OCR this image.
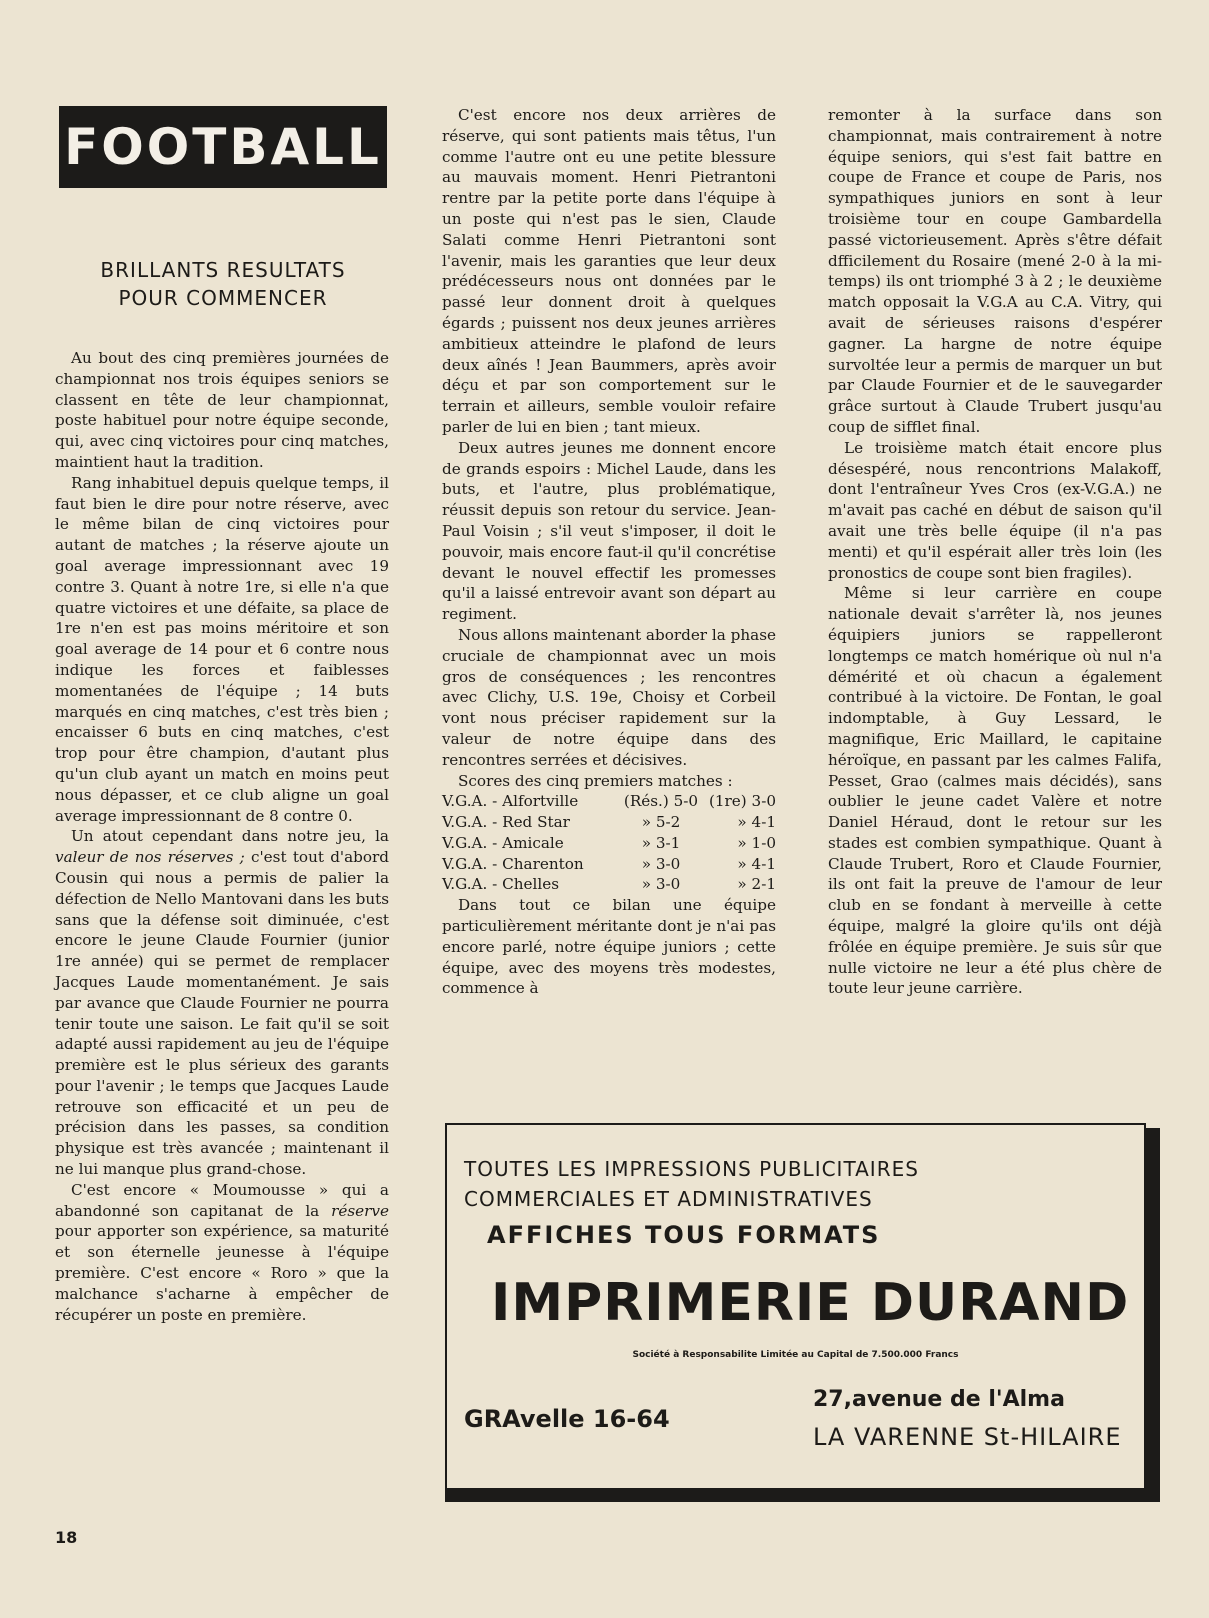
FOOTBALL
BRILLANTS RESULTATS
POUR COMMENCER

Au bout des cinq premières journées de championnat nos trois équipes seniors se classent en tête de leur championnat, poste habituel pour notre équipe seconde, qui, avec cinq victoires pour cinq matches, maintient haut la tradition.

Rang inhabituel depuis quelque temps, il faut bien le dire pour notre réserve, avec le même bilan de cinq victoires pour autant de matches ; la réserve ajoute un goal average impressionnant avec 19 contre 3. Quant à notre 1re, si elle n'a que quatre victoires et une défaite, sa place de 1re n'en est pas moins méritoire et son goal average de 14 pour et 6 contre nous indique les forces et faiblesses momentanées de l'équipe ; 14 buts marqués en cinq matches, c'est très bien ; encaisser 6 buts en cinq matches, c'est trop pour être champion, d'autant plus qu'un club ayant un match en moins peut nous dépasser, et ce club aligne un goal average impressionnant de 8 contre 0.

Un atout cependant dans notre jeu, la valeur de nos réserves ; c'est tout d'abord Cousin qui nous a permis de palier la défection de Nello Mantovani dans les buts sans que la défense soit diminuée, c'est encore le jeune Claude Fournier (junior 1re année) qui se permet de remplacer Jacques Laude momentanément. Je sais par avance que Claude Fournier ne pourra tenir toute une saison. Le fait qu'il se soit adapté aussi rapidement au jeu de l'équipe première est le plus sérieux des garants pour l'avenir ; le temps que Jacques Laude retrouve son efficacité et un peu de précision dans les passes, sa condition physique est très avancée ; maintenant il ne lui manque plus grand-chose.

C'est encore « Moumousse » qui a abandonné son capitanat de la réserve pour apporter son expérience, sa maturité et son éternelle jeunesse à l'équipe première. C'est encore « Roro » que la malchance s'acharne à empêcher de récupérer un poste en première.

C'est encore nos deux arrières de réserve, qui sont patients mais têtus, l'un comme l'autre ont eu une petite blessure au mauvais moment. Henri Pietrantoni rentre par la petite porte dans l'équipe à un poste qui n'est pas le sien, Claude Salati comme Henri Pietrantoni sont l'avenir, mais les garanties que leur deux prédécesseurs nous ont données par le passé leur donnent droit à quelques égards ; puissent nos deux jeunes arrières ambitieux atteindre le plafond de leurs deux aînés ! Jean Baummers, après avoir déçu et par son comportement sur le terrain et ailleurs, semble vouloir refaire parler de lui en bien ; tant mieux.

Deux autres jeunes me donnent encore de grands espoirs : Michel Laude, dans les buts, et l'autre, plus problématique, réussit depuis son retour du service. Jean-Paul Voisin ; s'il veut s'imposer, il doit le pouvoir, mais encore faut-il qu'il concrétise devant le nouvel effectif les promesses qu'il a laissé entrevoir avant son départ au regiment.

Nous allons maintenant aborder la phase cruciale de championnat avec un mois gros de conséquences ; les rencontres avec Clichy, U.S. 19e, Choisy et Corbeil vont nous préciser rapidement sur la valeur de notre équipe dans des rencontres serrées et décisives.

Scores des cinq premiers matches :

V.G.A. - Alfortville	(Rés.) 5-0 (1re) 3-0
V.G.A. - Red Star	» 5-2	» 4-1
V.G.A. - Amicale	» 3-1	» 1-0
V.G.A. - Charenton	» 3-0	» 4-1
V.G.A. - Chelles	» 3-0	» 2-1

Dans tout ce bilan une équipe particulièrement méritante dont je n'ai pas encore parlé, notre équipe juniors ; cette équipe, avec des moyens très modestes, commence à

remonter à la surface dans son championnat, mais contrairement à notre équipe seniors, qui s'est fait battre en coupe de France et coupe de Paris, nos sympathiques juniors en sont à leur troisième tour en coupe Gambardella passé victorieusement. Après s'être défait dfficilement du Rosaire (mené 2-0 à la mi-temps) ils ont triomphé 3 à 2 ; le deuxième match opposait la V.G.A au C.A. Vitry, qui avait de sérieuses raisons d'espérer gagner. La hargne de notre équipe survoltée leur a permis de marquer un but par Claude Fournier et de le sauvegarder grâce surtout à Claude Trubert jusqu'au coup de sifflet final.

Le troisième match était encore plus désespéré, nous rencontrions Malakoff, dont l'entraîneur Yves Cros (ex-V.G.A.) ne m'avait pas caché en début de saison qu'il avait une très belle équipe (il n'a pas menti) et qu'il espérait aller très loin (les pronostics de coupe sont bien fragiles).

Même si leur carrière en coupe nationale devait s'arrêter là, nos jeunes équipiers juniors se rappelleront longtemps ce match homérique où nul n'a démérité et où chacun a également contribué à la victoire. De Fontan, le goal indomptable, à Guy Lessard, le magnifique, Eric Maillard, le capitaine héroïque, en passant par les calmes Falifa, Pesset, Grao (calmes mais décidés), sans oublier le jeune cadet Valère et notre Daniel Héraud, dont le retour sur les stades est combien sympathique. Quant à Claude Trubert, Roro et Claude Fournier, ils ont fait la preuve de l'amour de leur club en se fondant à merveille à cette équipe, malgré la gloire qu'ils ont déjà frôlée en équipe première. Je suis sûr que nulle victoire ne leur a été plus chère de toute leur jeune carrière.

TOUTES LES IMPRESSIONS PUBLICITAIRES
COMMERCIALES ET ADMINISTRATIVES
AFFICHES TOUS FORMATS
IMPRIMERIE DURAND
Société à Responsabilite Limitée au Capital de 7.500.000 Francs
GRAvelle 16-64
27,avenue de l'Alma
LA VARENNE St-HILAIRE
18
